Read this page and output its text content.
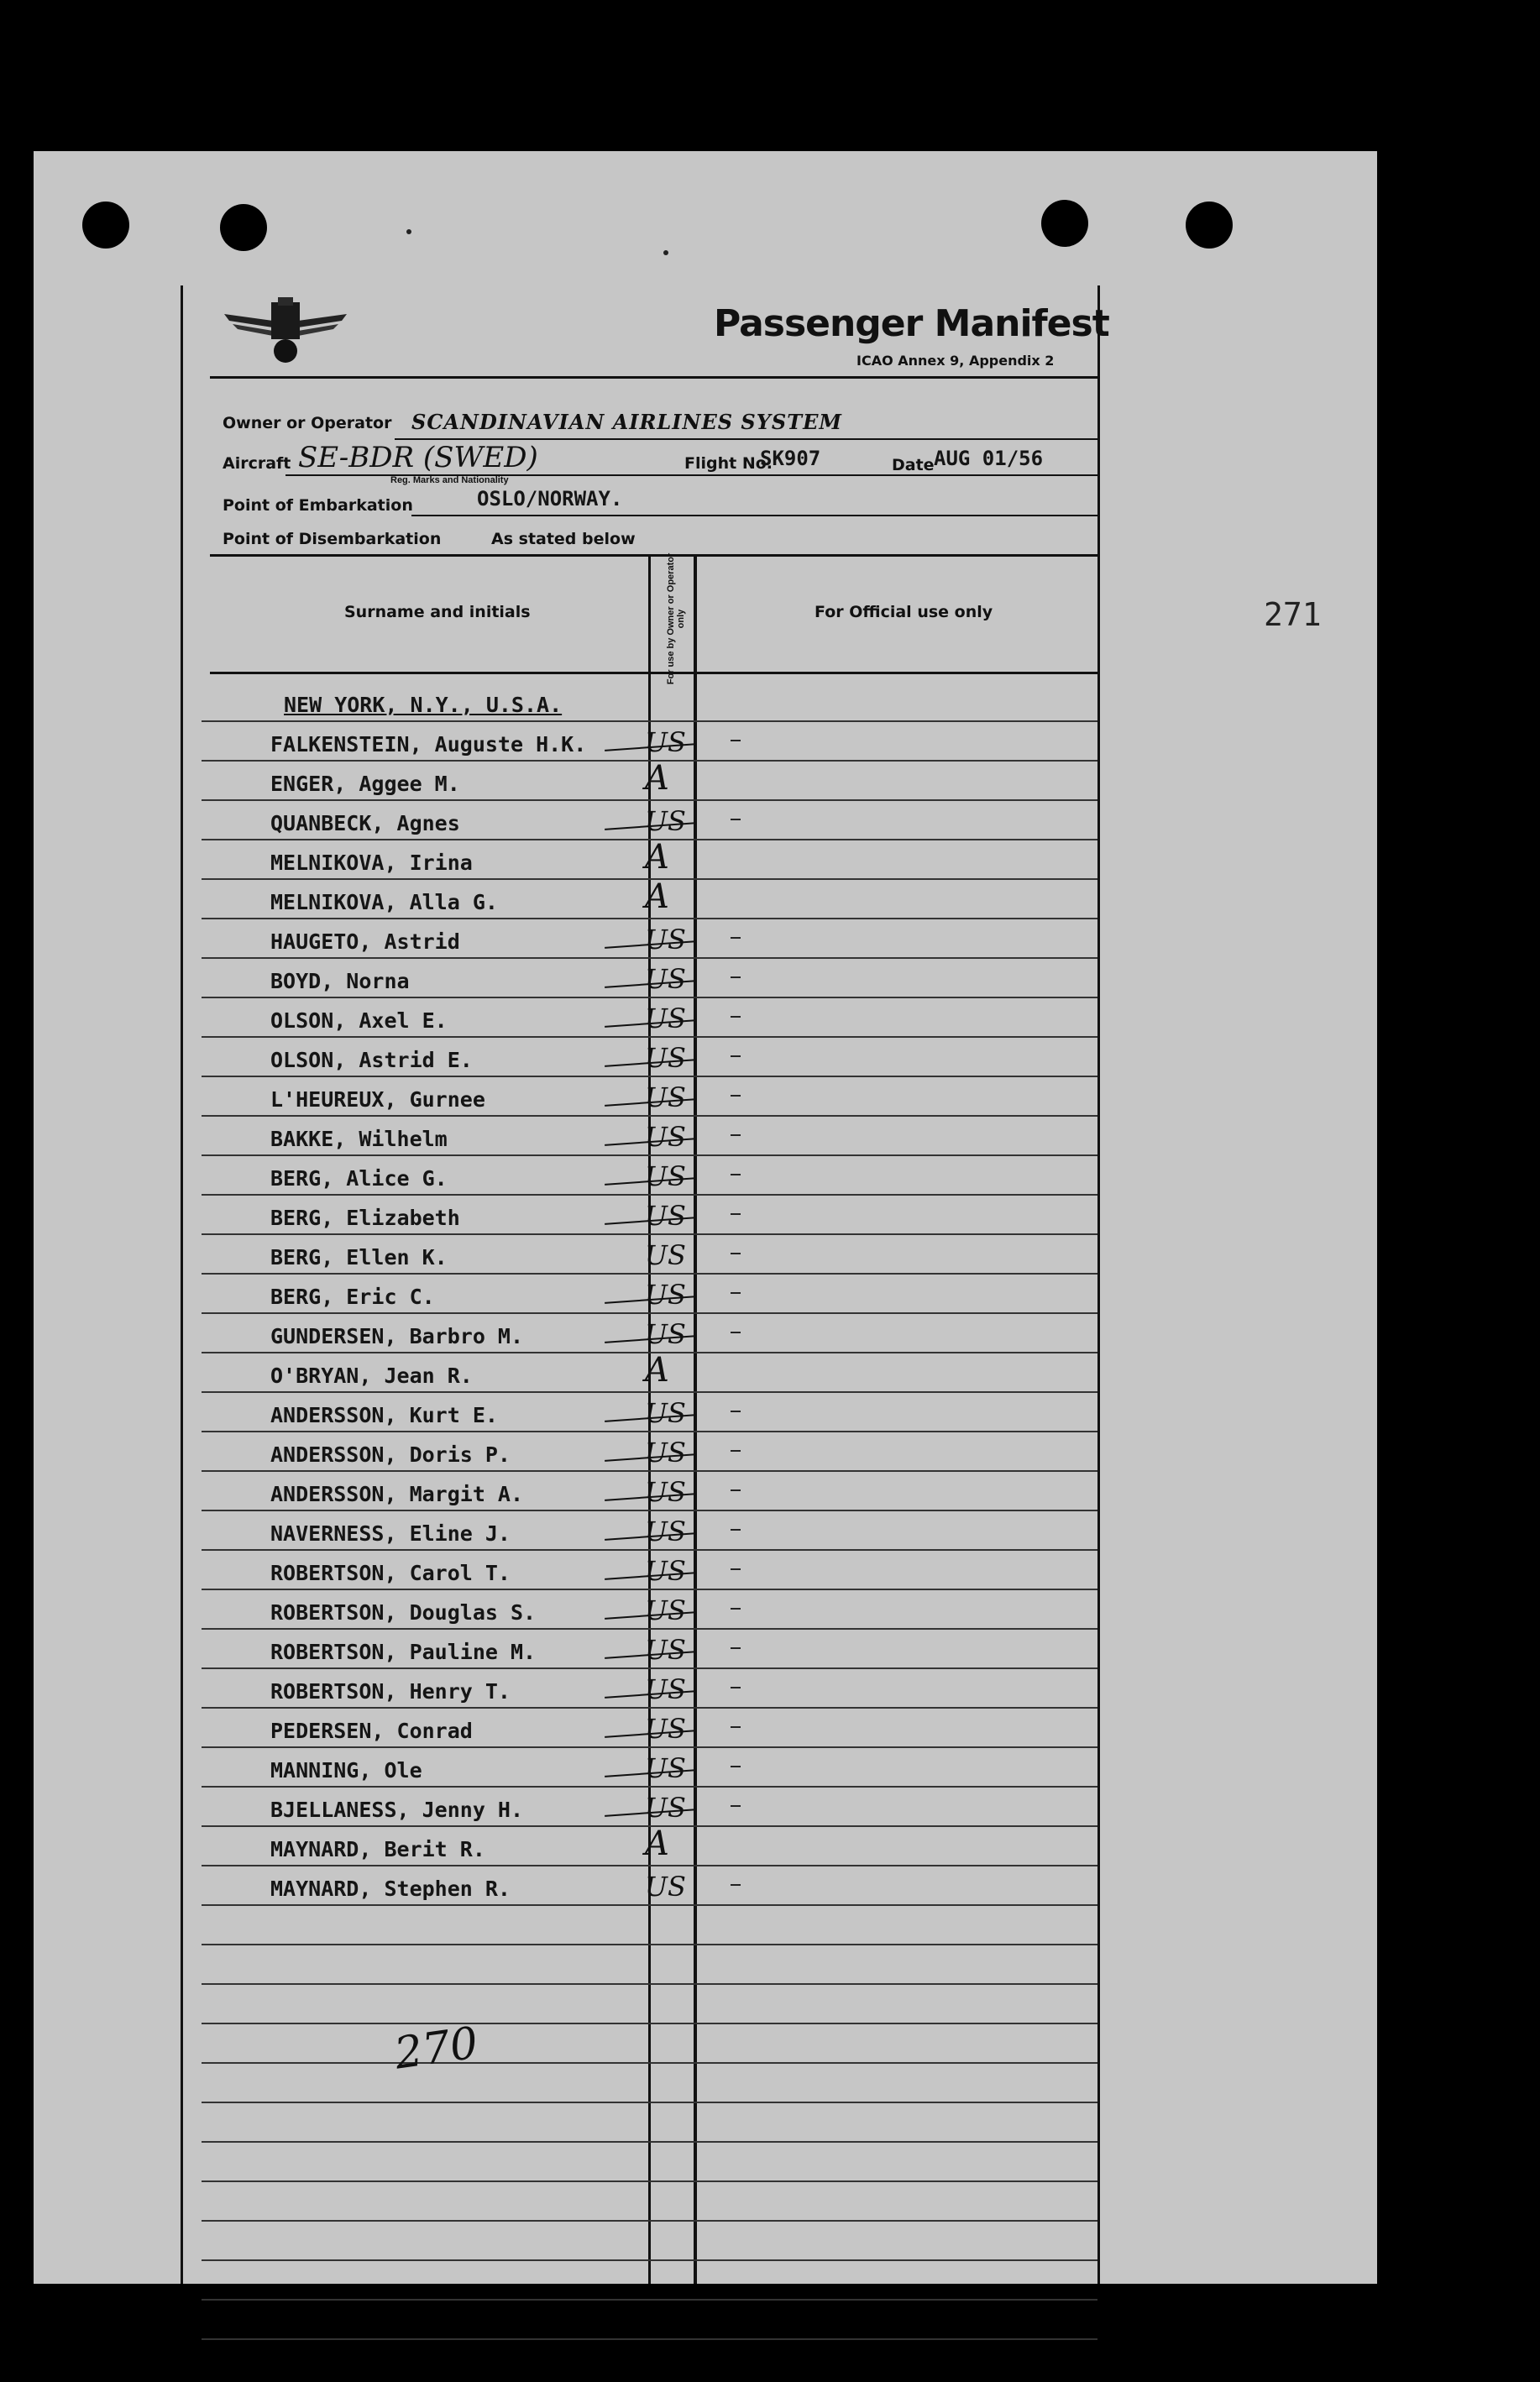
Passenger Manifest
ICAO Annex 9, Appendix 2
Owner or Operator SCANDINAVIAN AIRLINES SYSTEM
Aircraft SE-BDR (SWED)	Flight No.
SK907	Date AUG 01/56
Reg. Marks and Nationality
Point of Embarkation	OSLO/NORWAY.
Point of Disembarkation	As stated below
Surname and initials	For use by Owner or Operator only	For Official use only
NEW YORK, N.Y., U.S.A.
FALKENSTEIN, Auguste H.K. US
ENGER, Aggee M.	A
QUANBECK, Agnes	US
MELNIKOVA, Irina	A
MELNIKOVA, Alla G.	A
HAUGETO, Astrid	US
BOYD, Norna	US
OLSON, Axel E.	US
OLSON, Astrid E.	US
L'HEUREUX, Gurnee	US
BAKKE, Wilhelm	US
BERG, Alice G.	US
BERG, Elizabeth	US
BERG, Ellen K.	US
BERG, Eric C.	US
GUNDERSEN, Barbro M.	US
O'BRYAN, Jean R.	A
ANDERSSON, Kurt E.	US
ANDERSSON, Doris P.	US
ANDERSSON, Margit A.	US
NAVERNESS, Eline J.	US
ROBERTSON, Carol T.	US
ROBERTSON, Douglas S.	US
ROBERTSON, Pauline M.	US
ROBERTSON, Henry T.	US
PEDERSEN, Conrad	US
MANNING, Ole	US
BJELLANESS, Jenny H.	US
MAYNARD, Berit R.	A
MAYNARD, Stephen R.	US
270
271
